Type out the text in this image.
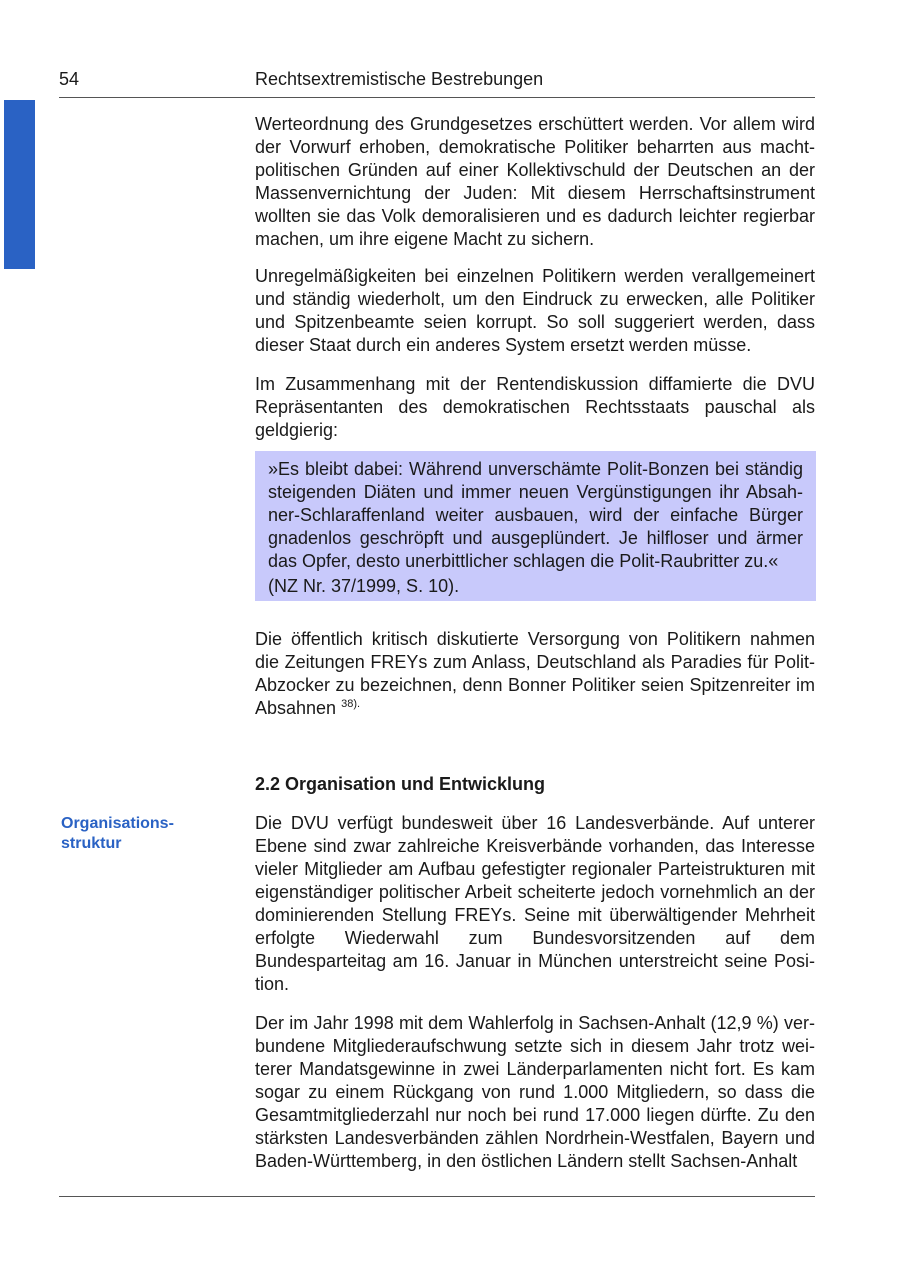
54	Rechtsextremistische Bestrebungen

Werteordnung des Grundgesetzes erschüttert werden. Vor allem wird der Vorwurf erhoben, demokratische Politiker beharrten aus machtpolitischen Gründen auf einer Kollektivschuld der Deutschen an der Massenvernichtung der Juden: Mit diesem Herrschaftsinstrument wollten sie das Volk demoralisieren und es dadurch leichter regierbar machen, um ihre eigene Macht zu sichern.

Unregelmäßigkeiten bei einzelnen Politikern werden verallgemeinert und ständig wiederholt, um den Eindruck zu erwecken, alle Politiker und Spitzenbeamte seien korrupt. So soll suggeriert werden, dass dieser Staat durch ein anderes System ersetzt werden müsse.

Im Zusammenhang mit der Rentendiskussion diffamierte die DVU Repräsentanten des demokratischen Rechtsstaats pauschal als geldgierig:

»Es bleibt dabei: Während unverschämte Polit-Bonzen bei ständig steigenden Diäten und immer neuen Vergünstigungen ihr Absahner-Schlaraffenland weiter ausbauen, wird der einfache Bürger gnadenlos geschröpft und ausgeplündert. Je hilfloser und ärmer das Opfer, desto unerbittlicher schlagen die Polit-Raubritter zu.«

(NZ Nr. 37/1999, S. 10).

Die öffentlich kritisch diskutierte Versorgung von Politikern nahmen die Zeitungen FREYs zum Anlass, Deutschland als Paradies für Polit-Abzocker zu bezeichnen, denn Bonner Politiker seien Spitzenreiter im Absahnen $^{38).}$

2.2 Organisation und Entwicklung
Organisations-
struktur

Die DVU verfügt bundesweit über 16 Landesverbände. Auf unterer Ebene sind zwar zahlreiche Kreisverbände vorhanden, das Interesse vieler Mitglieder am Aufbau gefestigter regionaler Parteistrukturen mit eigenständiger politischer Arbeit scheiterte jedoch vornehmlich an der dominierenden Stellung FREYs. Seine mit überwältigender Mehrheit erfolgte Wiederwahl zum Bundesvorsitzenden auf dem Bundesparteitag am 16. Januar in München unterstreicht seine Position.

Der im Jahr 1998 mit dem Wahlerfolg in Sachsen-Anhalt (12,9 %) verbundene Mitgliederaufschwung setzte sich in diesem Jahr trotz weiterer Mandatsgewinne in zwei Länderparlamenten nicht fort. Es kam sogar zu einem Rückgang von rund 1.000 Mitgliedern, so dass die Gesamtmitgliederzahl nur noch bei rund 17.000 liegen dürfte. Zu den stärksten Landesverbänden zählen Nordrhein-Westfalen, Bayern und Baden-Württemberg, in den östlichen Ländern stellt Sachsen-Anhalt
